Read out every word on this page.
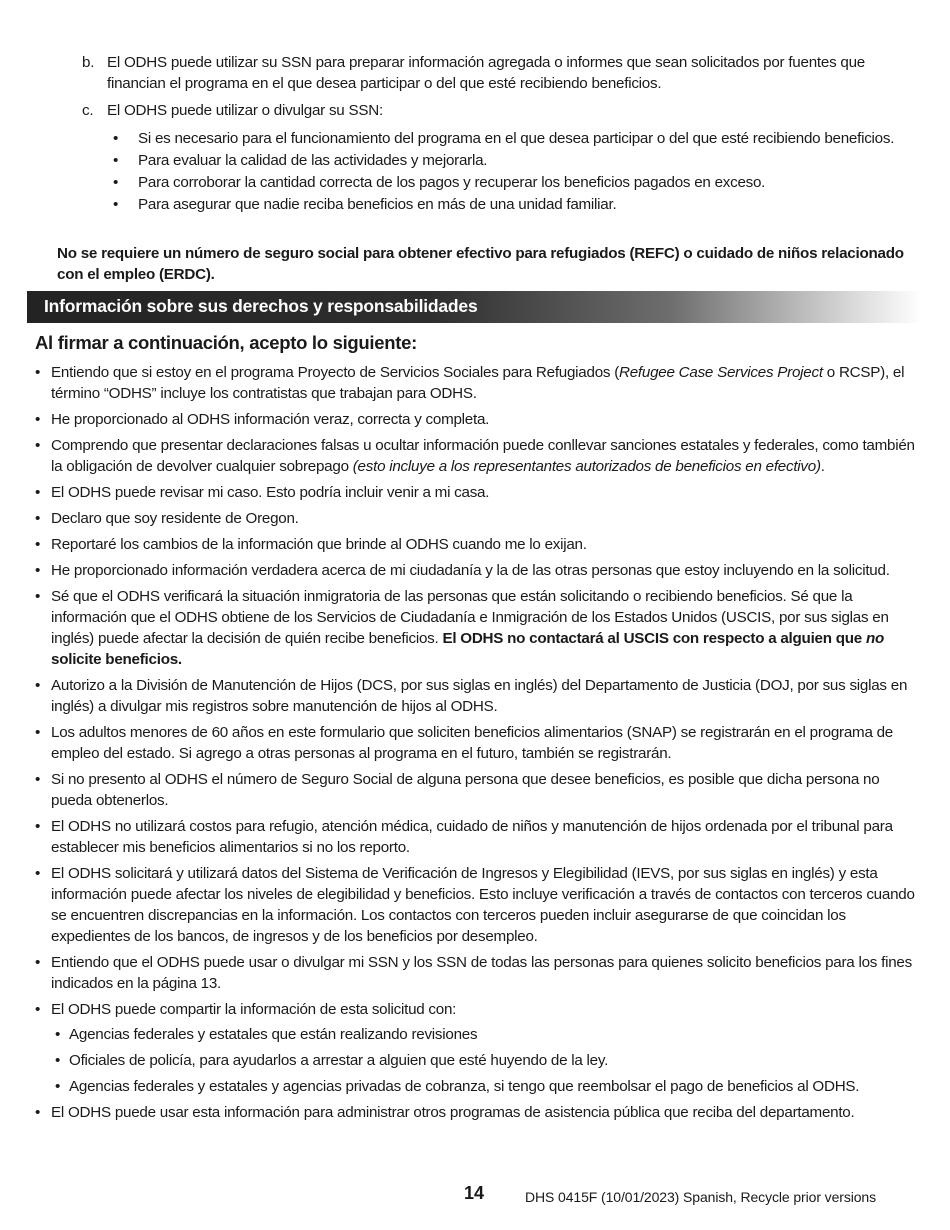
b. El ODHS puede utilizar su SSN para preparar información agregada o informes que sean solicitados por fuentes que financian el programa en el que desea participar o del que esté recibiendo beneficios.
c. El ODHS puede utilizar o divulgar su SSN:
• Si es necesario para el funcionamiento del programa en el que desea participar o del que esté recibiendo beneficios.
• Para evaluar la calidad de las actividades y mejorarla.
• Para corroborar la cantidad correcta de los pagos y recuperar los beneficios pagados en exceso.
• Para asegurar que nadie reciba beneficios en más de una unidad familiar.
No se requiere un número de seguro social para obtener efectivo para refugiados (REFC) o cuidado de niños relacionado con el empleo (ERDC).
Información sobre sus derechos y responsabilidades
Al firmar a continuación, acepto lo siguiente:
• Entiendo que si estoy en el programa Proyecto de Servicios Sociales para Refugiados (Refugee Case Services Project o RCSP), el término “ODHS” incluye los contratistas que trabajan para ODHS.
• He proporcionado al ODHS información veraz, correcta y completa.
• Comprendo que presentar declaraciones falsas u ocultar información puede conllevar sanciones estatales y federales, como también la obligación de devolver cualquier sobrepago (esto incluye a los representantes autorizados de beneficios en efectivo).
• El ODHS puede revisar mi caso. Esto podría incluir venir a mi casa.
• Declaro que soy residente de Oregon.
• Reportaré los cambios de la información que brinde al ODHS cuando me lo exijan.
• He proporcionado información verdadera acerca de mi ciudadanía y la de las otras personas que estoy incluyendo en la solicitud.
• Sé que el ODHS verificará la situación inmigratoria de las personas que están solicitando o recibiendo beneficios. Sé que la información que el ODHS obtiene de los Servicios de Ciudadanía e Inmigración de los Estados Unidos (USCIS, por sus siglas en inglés) puede afectar la decisión de quién recibe beneficios. El ODHS no contactará al USCIS con respecto a alguien que no solicite beneficios.
• Autorizo a la División de Manutención de Hijos (DCS, por sus siglas en inglés) del Departamento de Justicia (DOJ, por sus siglas en inglés) a divulgar mis registros sobre manutención de hijos al ODHS.
• Los adultos menores de 60 años en este formulario que soliciten beneficios alimentarios (SNAP) se registrarán en el programa de empleo del estado. Si agrego a otras personas al programa en el futuro, también se registrarán.
• Si no presento al ODHS el número de Seguro Social de alguna persona que desee beneficios, es posible que dicha persona no pueda obtenerlos.
• El ODHS no utilizará costos para refugio, atención médica, cuidado de niños y manutención de hijos ordenada por el tribunal para establecer mis beneficios alimentarios si no los reporto.
• El ODHS solicitará y utilizará datos del Sistema de Verificación de Ingresos y Elegibilidad (IEVS, por sus siglas en inglés) y esta información puede afectar los niveles de elegibilidad y beneficios. Esto incluye verificación a través de contactos con terceros cuando se encuentren discrepancias en la información. Los contactos con terceros pueden incluir asegurarse de que coincidan los expedientes de los bancos, de ingresos y de los beneficios por desempleo.
• Entiendo que el ODHS puede usar o divulgar mi SSN y los SSN de todas las personas para quienes solicito beneficios para los fines indicados en la página 13.
• El ODHS puede compartir la información de esta solicitud con:
• Agencias federales y estatales que están realizando revisiones
• Oficiales de policía, para ayudarlos a arrestar a alguien que esté huyendo de la ley.
• Agencias federales y estatales y agencias privadas de cobranza, si tengo que reembolsar el pago de beneficios al ODHS.
• El ODHS puede usar esta información para administrar otros programas de asistencia pública que reciba del departamento.
14	DHS 0415F (10/01/2023) Spanish, Recycle prior versions
